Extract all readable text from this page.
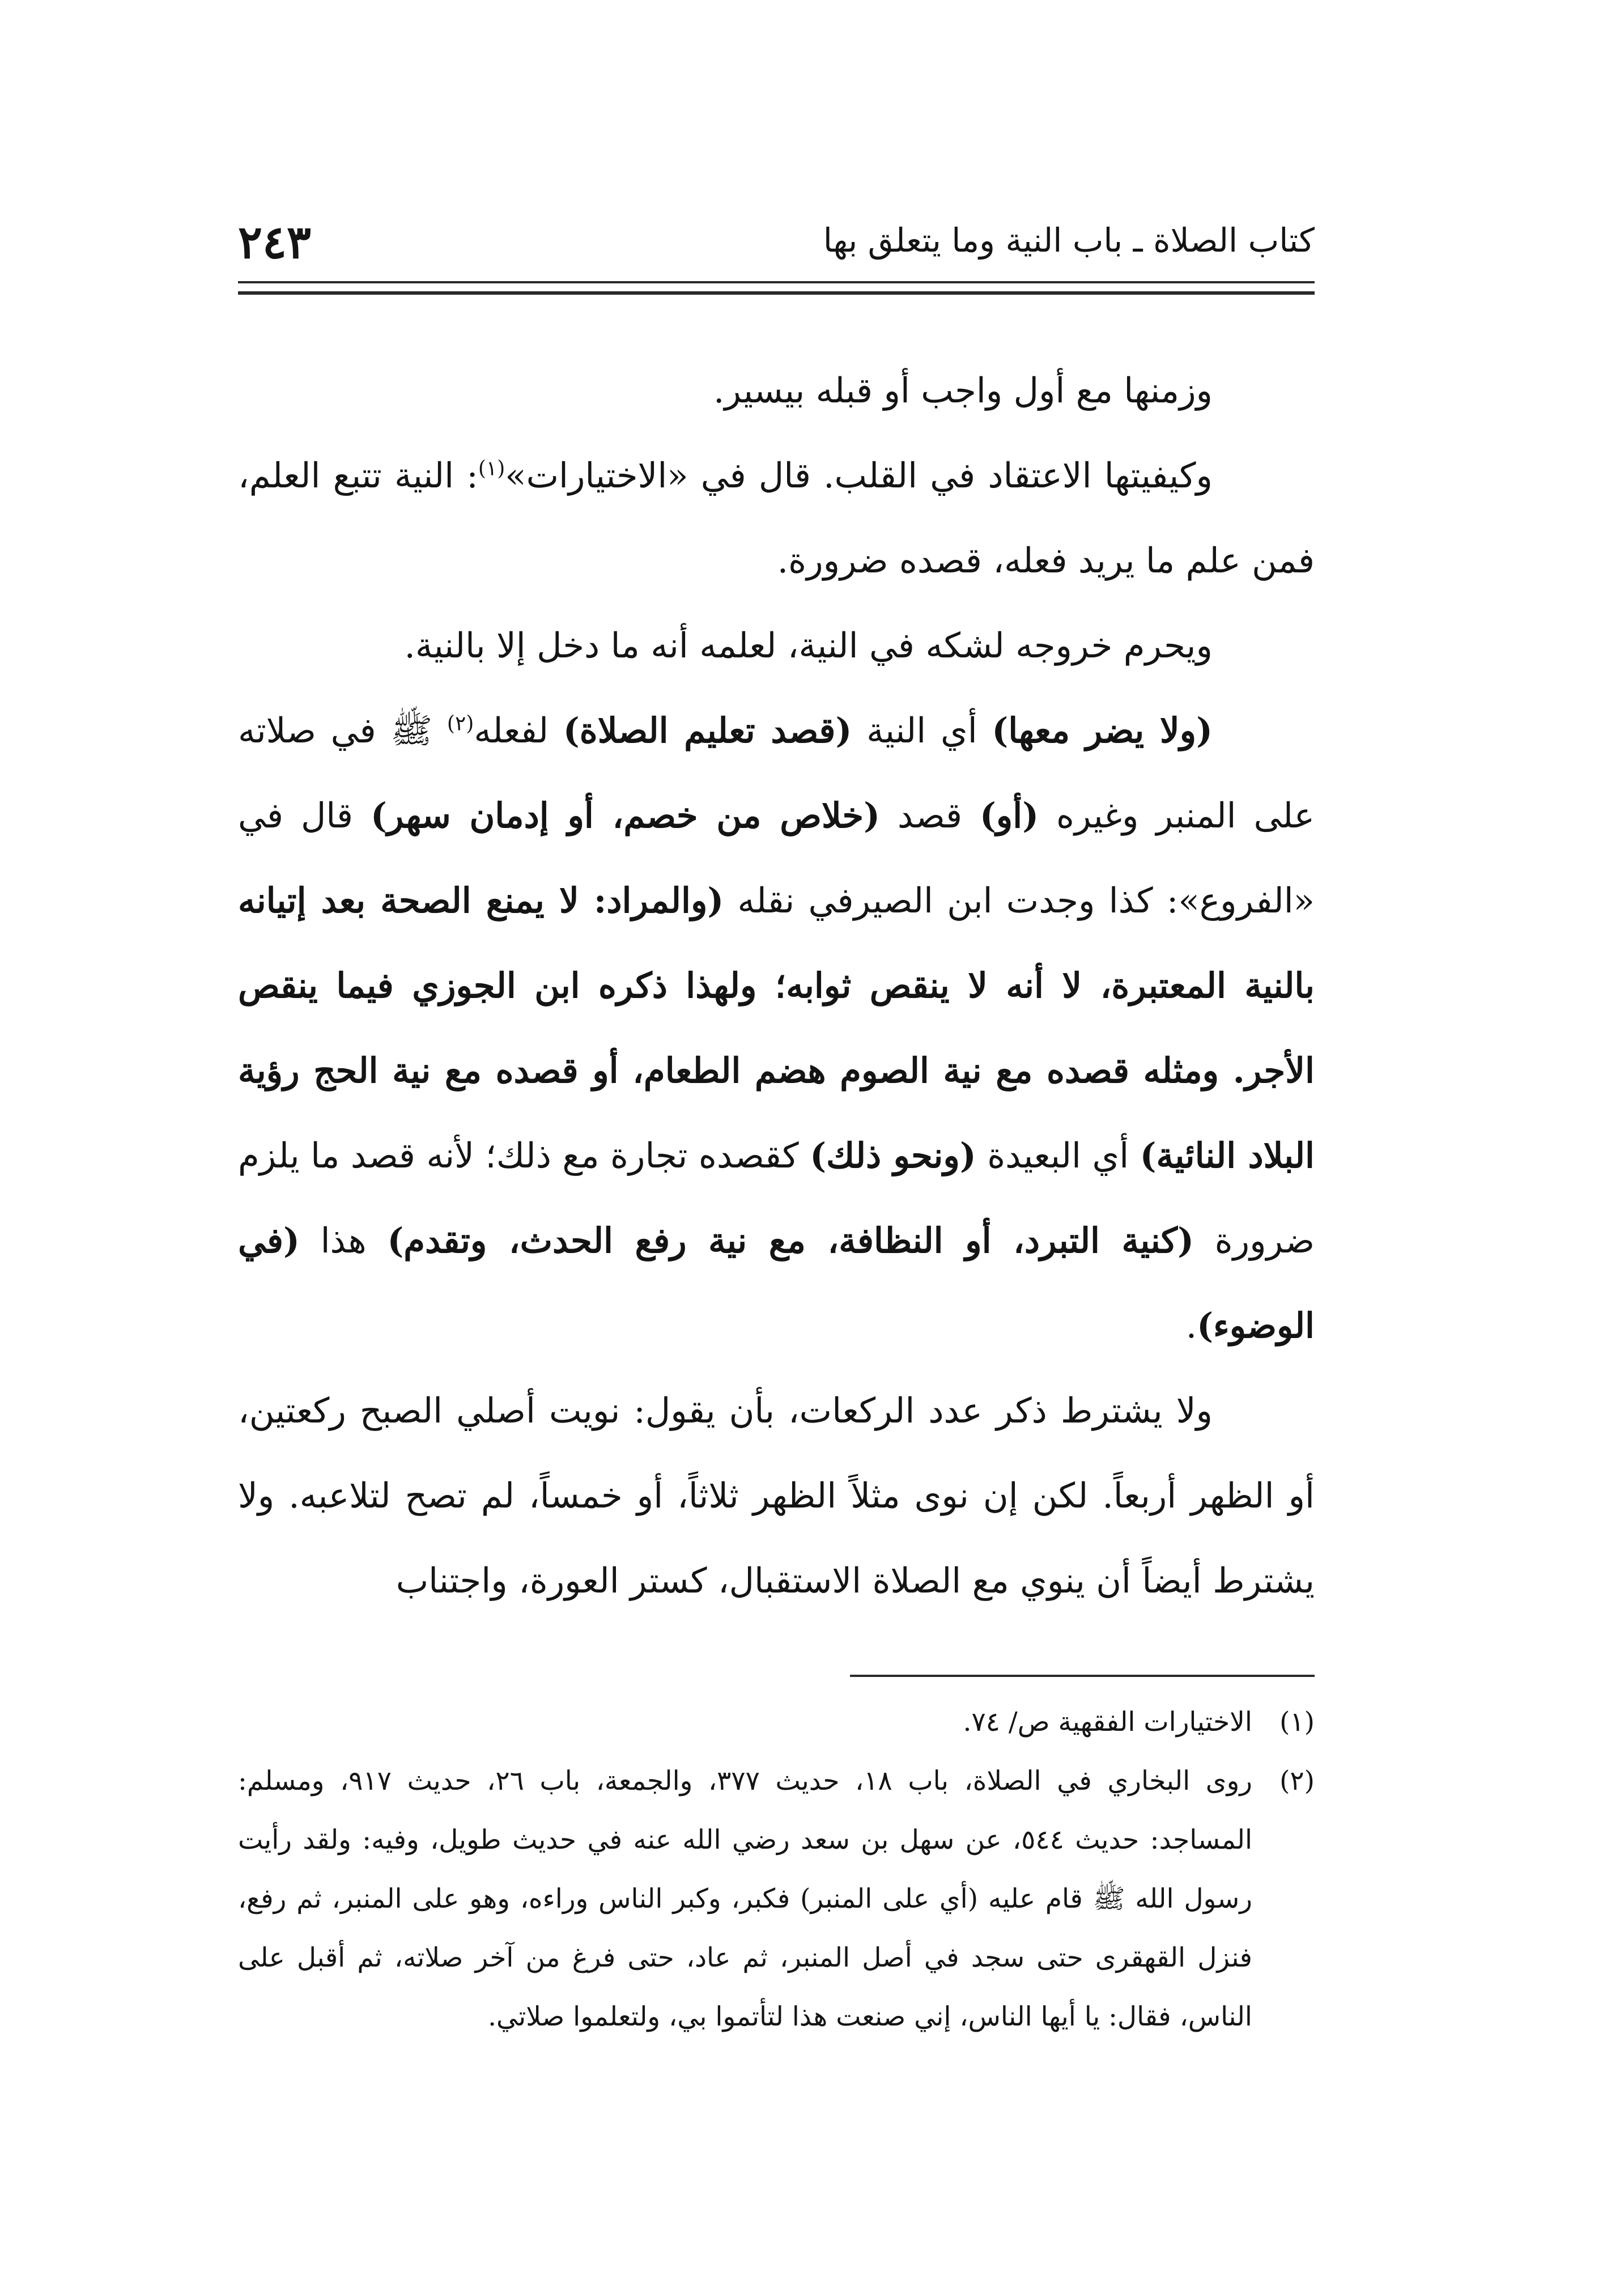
كتاب الصلاة ـ باب النية وما يتعلق بها
٢٤٣

وزمنها مع أول واجب أو قبله بيسير.

وكيفيتها الاعتقاد في القلب. قال في «الاختيارات»$^{(١)}$: النية تتبع العلم، فمن علم ما يريد فعله، قصده ضرورة.

ويحرم خروجه لشكه في النية، لعلمه أنه ما دخل إلا بالنية.

(ولا يضر معها) أي النية (قصد تعليم الصلاة) لفعله$^{(٢)}$ ﷺ في صلاته على المنبر وغيره (أو) قصد (خلاص من خصم، أو إدمان سهر) قال في «الفروع»: كذا وجدت ابن الصيرفي نقله (والمراد: لا يمنع الصحة بعد إتيانه بالنية المعتبرة، لا أنه لا ينقص ثوابه؛ ولهذا ذكره ابن الجوزي فيما ينقص الأجر. ومثله قصده مع نية الصوم هضم الطعام، أو قصده مع نية الحج رؤية البلاد النائية) أي البعيدة (ونحو ذلك) كقصده تجارة مع ذلك؛ لأنه قصد ما يلزم ضرورة (كنية التبرد، أو النظافة، مع نية رفع الحدث، وتقدم) هذا (في الوضوء).

ولا يشترط ذكر عدد الركعات، بأن يقول: نويت أصلي الصبح ركعتين، أو الظهر أربعاً. لكن إن نوى مثلاً الظهر ثلاثاً، أو خمساً، لم تصح لتلاعبه. ولا يشترط أيضاً أن ينوي مع الصلاة الاستقبال، كستر العورة، واجتناب

(١)
الاختيارات الفقهية ص/ ٧٤.

(٢)
روى البخاري في الصلاة، باب ١٨، حديث ٣٧٧، والجمعة، باب ٢٦، حديث ٩١٧، ومسلم: المساجد: حديث ٥٤٤، عن سهل بن سعد رضي الله عنه في حديث طويل، وفيه: ولقد رأيت رسول الله ﷺ قام عليه (أي على المنبر) فكبر، وكبر الناس وراءه، وهو على المنبر، ثم رفع، فنزل القهقرى حتى سجد في أصل المنبر، ثم عاد، حتى فرغ من آخر صلاته، ثم أقبل على الناس، فقال: يا أيها الناس، إني صنعت هذا لتأتموا بي، ولتعلموا صلاتي.
